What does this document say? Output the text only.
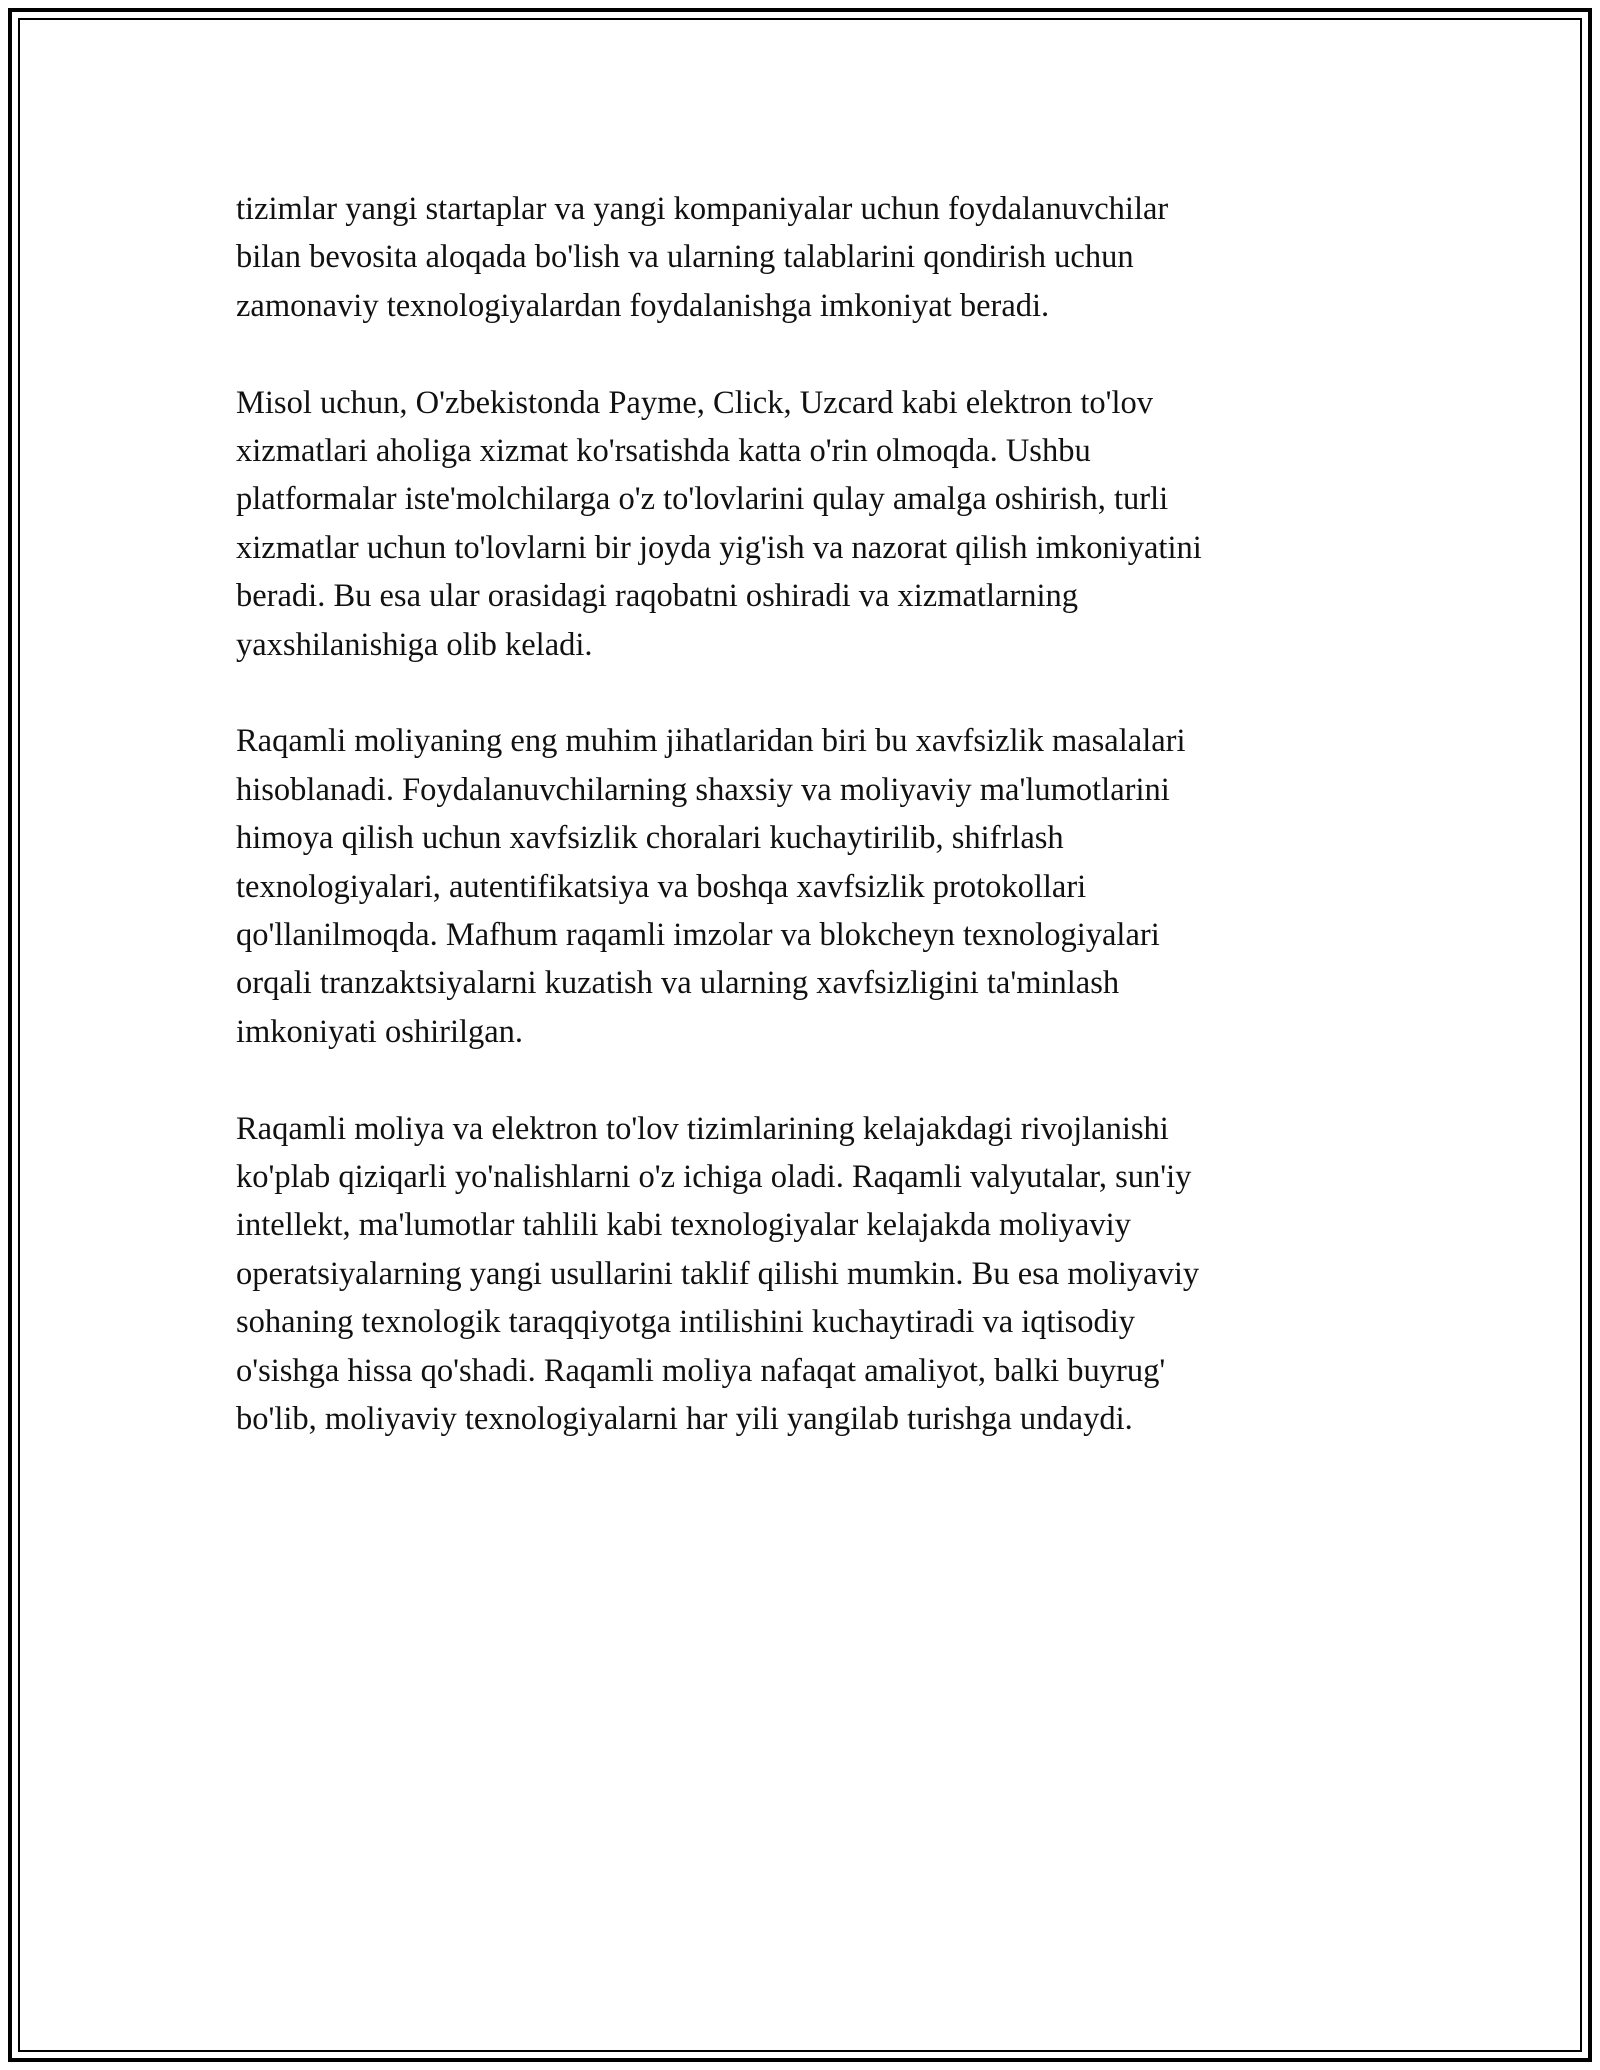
tizimlar yangi startaplar va yangi kompaniyalar uchun foydalanuvchilar
bilan bevosita aloqada bo'lish va ularning talablarini qondirish uchun
zamonaviy texnologiyalardan foydalanishga imkoniyat beradi.

Misol uchun, O'zbekistonda Payme, Click, Uzcard kabi elektron to'lov
xizmatlari aholiga xizmat ko'rsatishda katta o'rin olmoqda. Ushbu
platformalar iste'molchilarga o'z to'lovlarini qulay amalga oshirish, turli
xizmatlar uchun to'lovlarni bir joyda yig'ish va nazorat qilish imkoniyatini
beradi. Bu esa ular orasidagi raqobatni oshiradi va xizmatlarning
yaxshilanishiga olib keladi.

Raqamli moliyaning eng muhim jihatlaridan biri bu xavfsizlik masalalari
hisoblanadi. Foydalanuvchilarning shaxsiy va moliyaviy ma'lumotlarini
himoya qilish uchun xavfsizlik choralari kuchaytirilib, shifrlash
texnologiyalari, autentifikatsiya va boshqa xavfsizlik protokollari
qo'llanilmoqda. Mafhum raqamli imzolar va blokcheyn texnologiyalari
orqali tranzaktsiyalarni kuzatish va ularning xavfsizligini ta'minlash
imkoniyati oshirilgan.

Raqamli moliya va elektron to'lov tizimlarining kelajakdagi rivojlanishi
ko'plab qiziqarli yo'nalishlarni o'z ichiga oladi. Raqamli valyutalar, sun'iy
intellekt, ma'lumotlar tahlili kabi texnologiyalar kelajakda moliyaviy
operatsiyalarning yangi usullarini taklif qilishi mumkin. Bu esa moliyaviy
sohaning texnologik taraqqiyotga intilishini kuchaytiradi va iqtisodiy
o'sishga hissa qo'shadi. Raqamli moliya nafaqat amaliyot, balki buyrug'
bo'lib, moliyaviy texnologiyalarni har yili yangilab turishga undaydi.
